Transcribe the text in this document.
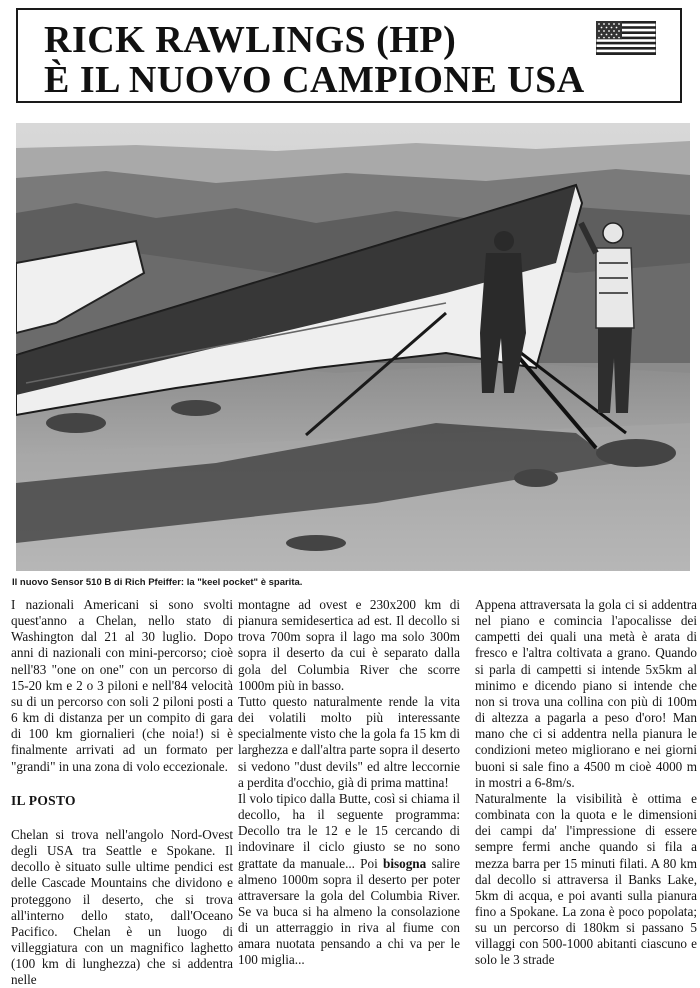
RICK RAWLINGS (HP)
È IL NUOVO CAMPIONE USA
Il nuovo Sensor 510 B di Rich Pfeiffer: la "keel pocket" è sparita.

I nazionali Americani si sono svolti quest'anno a Chelan, nello stato di Washington dal 21 al 30 luglio. Dopo anni di nazionali con mini-percorso; cioè nell'83 "one on one" con un percorso di 15-20 km e 2 o 3 piloni e nell'84 velocità su di un percorso con soli 2 piloni posti a 6 km di distanza per un compito di gara di 100 km giornalieri (che noia!) si è finalmente arrivati ad un formato per "grandi" in una zona di volo eccezionale.

IL POSTO

Chelan si trova nell'angolo Nord-Ovest degli USA tra Seattle e Spokane. Il decollo è situato sulle ultime pendici est delle Cascade Mountains che dividono e proteggono il deserto, che si trova all'interno dello stato, dall'Oceano Pacifico. Chelan è un luogo di villeggiatura con un magnifico laghetto (100 km di lunghezza) che si addentra nelle

montagne ad ovest e 230x200 km di pianura semidesertica ad est. Il decollo si trova 700m sopra il lago ma solo 300m sopra il deserto da cui è separato dalla gola del Columbia River che scorre 1000m più in basso.

Tutto questo naturalmente rende la vita dei volatili molto più interessante specialmente visto che la gola fa 15 km di larghezza e dall'altra parte sopra il deserto si vedono "dust devils" ed altre leccornie a perdita d'occhio, già di prima mattina!

Il volo tipico dalla Butte, così si chiama il decollo, ha il seguente programma: Decollo tra le 12 e le 15 cercando di indovinare il ciclo giusto se no sono grattate da manuale... Poi bisogna salire almeno 1000m sopra il deserto per poter attraversare la gola del Columbia River. Se va buca si ha almeno la consolazione di un atterraggio in riva al fiume con amara nuotata pensando a chi va per le 100 miglia...

Appena attraversata la gola ci si addentra nel piano e comincia l'apocalisse dei campetti dei quali una metà è arata di fresco e l'altra coltivata a grano. Quando si parla di campetti si intende 5x5km al minimo e dicendo piano si intende che non si trova una collina con più di 100m di altezza a pagarla a peso d'oro! Man mano che ci si addentra nella pianura le condizioni meteo migliorano e nei giorni buoni si sale fino a 4500 m cioè 4000 m in mostri a 6-8m/s.

Naturalmente la visibilità è ottima e combinata con la quota e le dimensioni dei campi da' l'impressione di essere sempre fermi anche quando si fila a mezza barra per 15 minuti filati. A 80 km dal decollo si attraversa il Banks Lake, 5km di acqua, e poi avanti sulla pianura fino a Spokane. La zona è poco popolata; su un percorso di 180km si passano 5 villaggi con 500-1000 abitanti ciascuno e solo le 3 strade
